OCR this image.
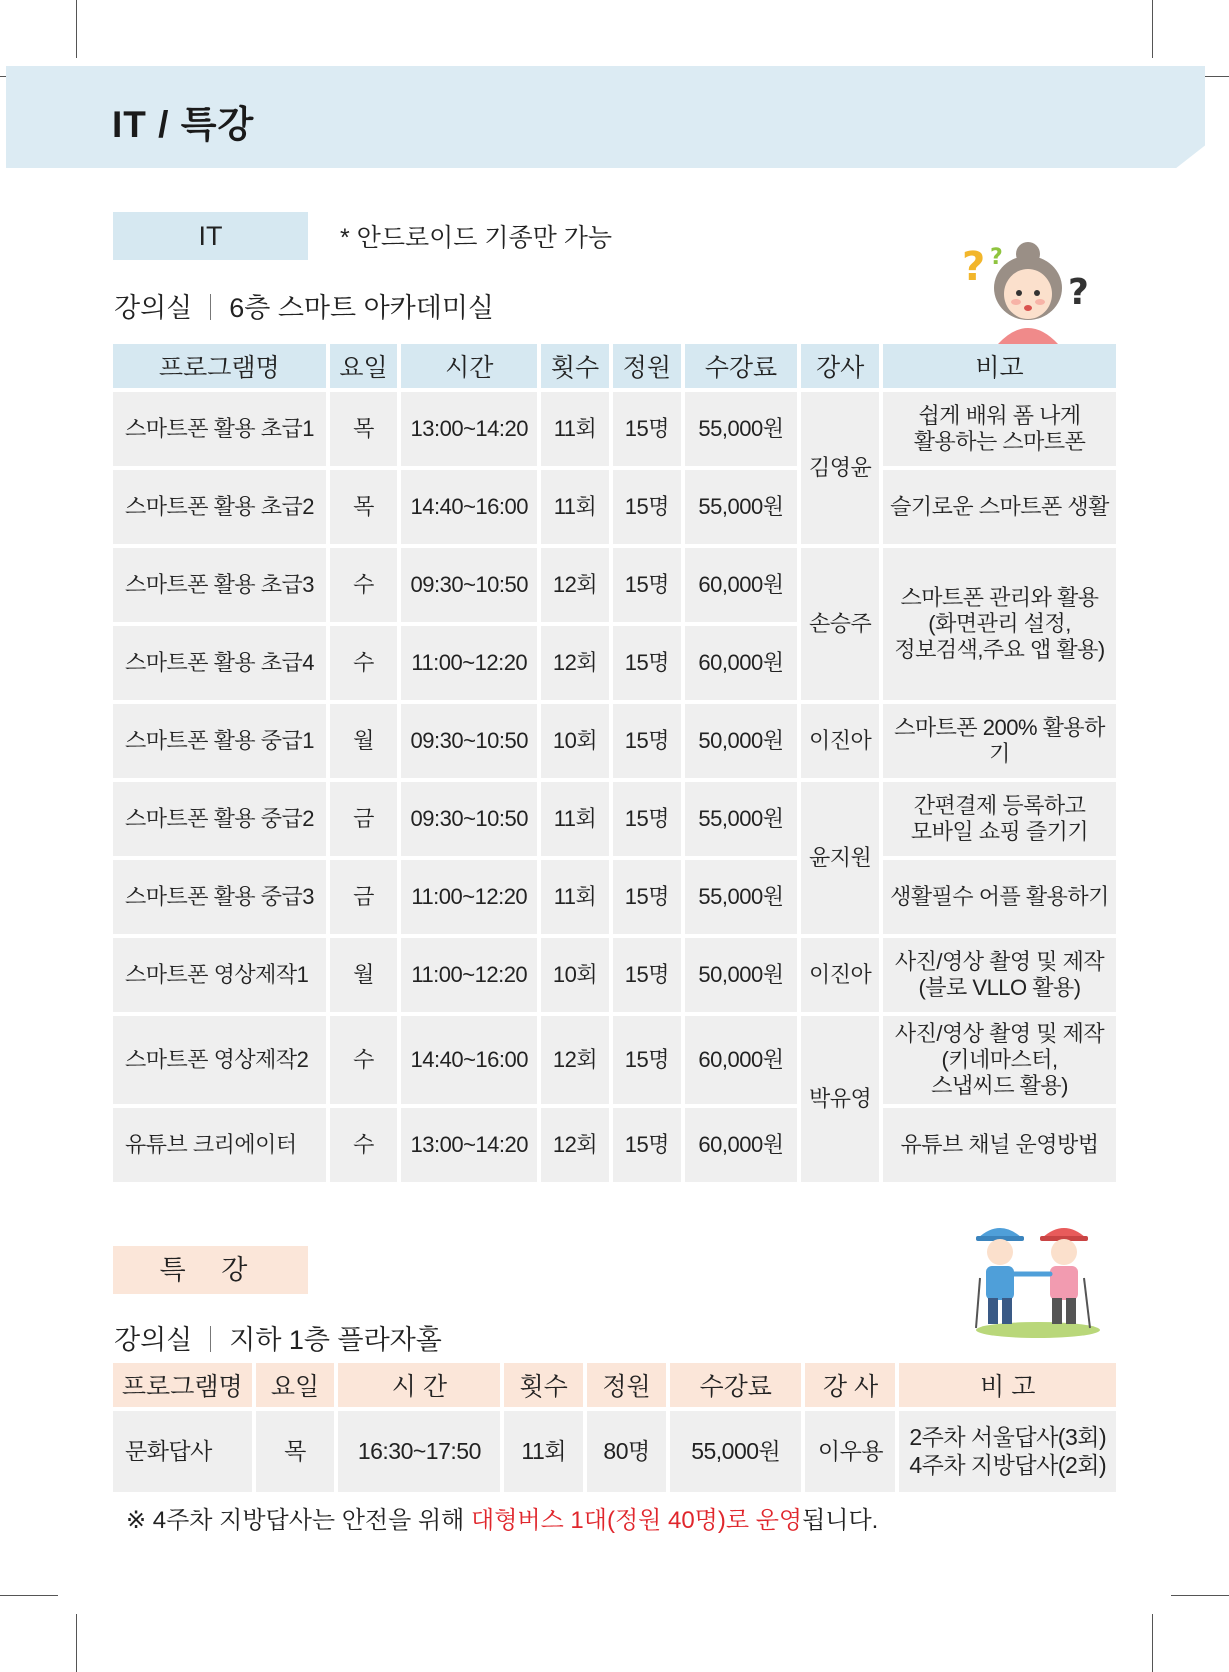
IT / 특강
IT	* 안드로이드 기종만 가능
강의실 6층 스마트 아카데미실
? ?
?
프로그램명	요일	시간	횟수	정원	수강료	강사	비고
스마트폰 활용 초급1	목	13:00~14:20	11회	15명	55,000원	김영윤	쉽게 배워 폼 나게
활용하는 스마트폰
스마트폰 활용 초급2	목	14:40~16:00	11회	15명	55,000원		슬기로운 스마트폰 생활
스마트폰 활용 초급3	수	09:30~10:50	12회	15명	60,000원	손승주	스마트폰 관리와 활용
(화면관리 설정,
정보검색,주요 앱 활용)
스마트폰 활용 초급4	수	11:00~12:20	12회	15명	60,000원		
스마트폰 활용 중급1	월	09:30~10:50	10회	15명	50,000원	이진아	스마트폰 200% 활용하기
스마트폰 활용 중급2	금	09:30~10:50	11회	15명	55,000원	윤지원	간편결제 등록하고
모바일 쇼핑 즐기기
스마트폰 활용 중급3	금	11:00~12:20	11회	15명	55,000원		생활필수 어플 활용하기
스마트폰 영상제작1	월	11:00~12:20	10회	15명	50,000원	이진아	사진/영상 촬영 및 제작
(블로 VLLO 활용)
스마트폰 영상제작2	수	14:40~16:00	12회	15명	60,000원	박유영	사진/영상 촬영 및 제작
(키네마스터,
스냅씨드 활용)
유튜브 크리에이터	수	13:00~14:20	12회	15명	60,000원		유튜브 채널 운영방법
특 강
강의실 지하 1층 플라자홀
프로그램명	요일	시 간	횟수	정원	수강료	강 사	비 고
문화답사	목	16:30~17:50	11회	80명	55,000원	이우용	2주차 서울답사(3회)
4주차 지방답사(2회)
※ 4주차 지방답사는 안전을 위해 대형버스 1대(정원 40명)로 운영됩니다.
